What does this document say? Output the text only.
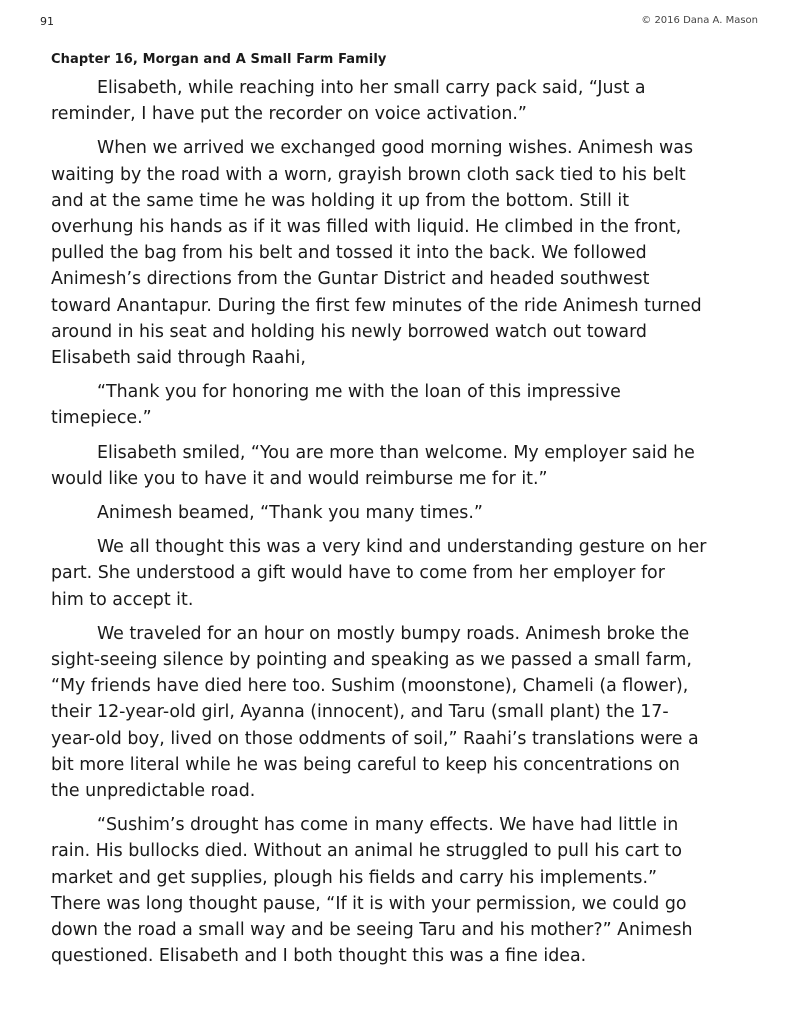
91	© 2016 Dana A. Mason
Chapter 16, Morgan and A Small Farm Family

Elisabeth, while reaching into her small carry pack said, “Just a
reminder, I have put the recorder on voice activation.”

When we arrived we exchanged good morning wishes. Animesh was
waiting by the road with a worn, grayish brown cloth sack tied to his belt
and at the same time he was holding it up from the bottom. Still it
overhung his hands as if it was filled with liquid. He climbed in the front,
pulled the bag from his belt and tossed it into the back. We followed
Animesh’s directions from the Guntar District and headed southwest
toward Anantapur. During the first few minutes of the ride Animesh turned
around in his seat and holding his newly borrowed watch out toward
Elisabeth said through Raahi,

“Thank you for honoring me with the loan of this impressive
timepiece.”

Elisabeth smiled, “You are more than welcome. My employer said he
would like you to have it and would reimburse me for it.”

Animesh beamed, “Thank you many times.”

We all thought this was a very kind and understanding gesture on her
part. She understood a gift would have to come from her employer for
him to accept it.

We traveled for an hour on mostly bumpy roads. Animesh broke the
sight-seeing silence by pointing and speaking as we passed a small farm,
“My friends have died here too. Sushim (moonstone), Chameli (a flower),
their 12-year-old girl, Ayanna (innocent), and Taru (small plant) the 17-
year-old boy, lived on those oddments of soil,” Raahi’s translations were a
bit more literal while he was being careful to keep his concentrations on
the unpredictable road.

“Sushim’s drought has come in many effects. We have had little in
rain. His bullocks died. Without an animal he struggled to pull his cart to
market and get supplies, plough his fields and carry his implements.”
There was long thought pause, “If it is with your permission, we could go
down the road a small way and be seeing Taru and his mother?” Animesh
questioned. Elisabeth and I both thought this was a fine idea.
